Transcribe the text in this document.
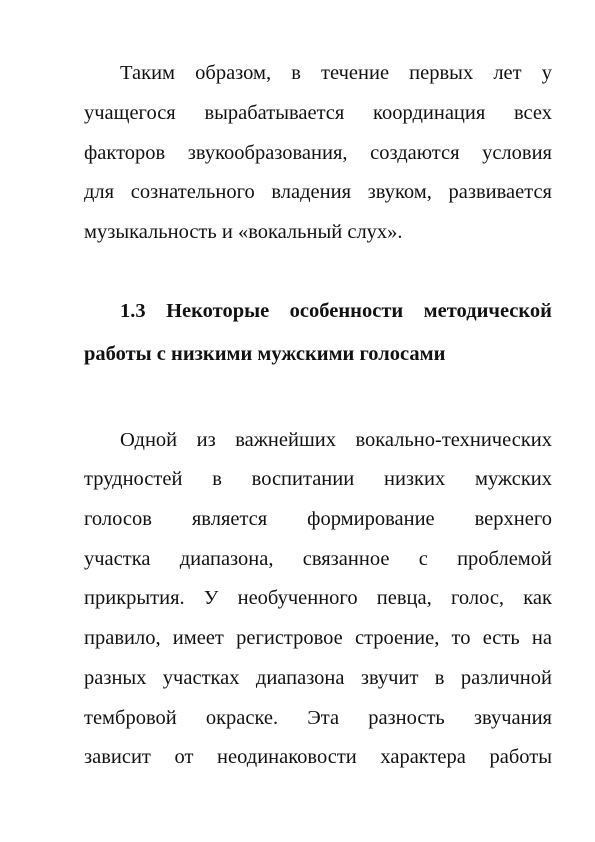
Таким образом, в течение первых лет у

учащегося вырабатывается координация всех

факторов звукообразования, создаются условия

для сознательного владения звуком, развивается

музыкальность и «вокальный слух».

1.3 Некоторые особенности методической

работы с низкими мужскими голосами

Одной из важнейших вокально-технических

трудностей в воспитании низких мужских

голосов является формирование верхнего

участка диапазона, связанное с проблемой

прикрытия. У необученного певца, голос, как

правило, имеет регистровое строение, то есть на

разных участках диапазона звучит в различной

тембровой окраске. Эта разность звучания

зависит от неодинаковости характера работы
